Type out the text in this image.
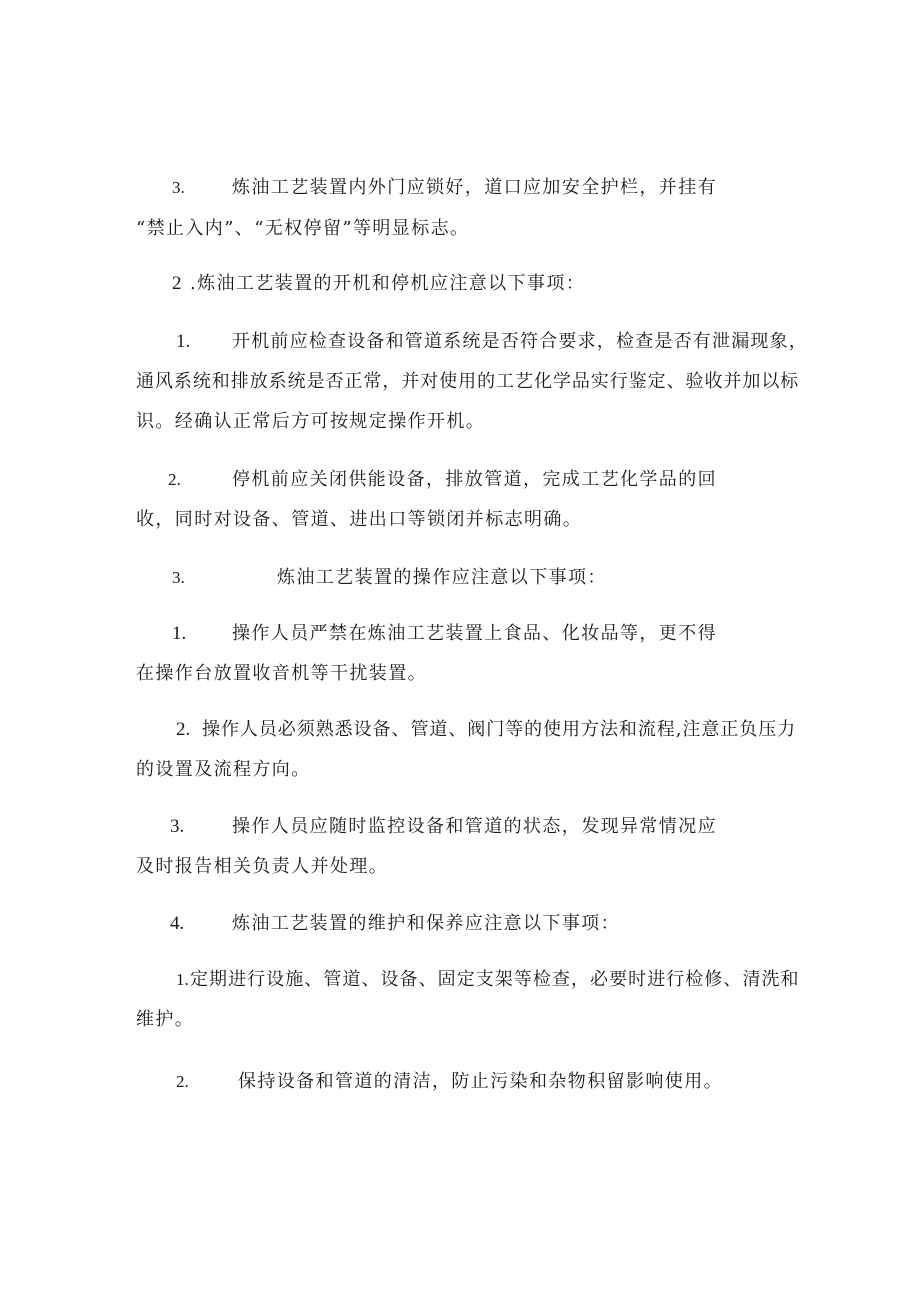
3.	炼油工艺装置内外门应锁好，道口应加安全护栏，并挂有
“禁止入内”、“无权停留”等明显标志。
2 .炼油工艺装置的开机和停机应注意以下事项：
1. 开机前应检查设备和管道系统是否符合要求，检查是否有泄漏现象，
通风系统和排放系统是否正常，并对使用的工艺化学品实行鉴定、验收并加以标
识。经确认正常后方可按规定操作开机。
2.	停机前应关闭供能设备，排放管道，完成工艺化学品的回
收，同时对设备、管道、进出口等锁闭并标志明确。
3.	炼油工艺装置的操作应注意以下事项：
1.	操作人员严禁在炼油工艺装置上食品、化妆品等，更不得
在操作台放置收音机等干扰装置。
2. 操作人员必须熟悉设备、管道、阀门等的使用方法和流程,注意正负压力
的设置及流程方向。
3.	操作人员应随时监控设备和管道的状态，发现异常情况应
及时报告相关负责人并处理。
4.	炼油工艺装置的维护和保养应注意以下事项：
1. 定期进行设施、管道、设备、固定支架等检查，必要时进行检修、清洗和
维护。
2.	保持设备和管道的清洁，防止污染和杂物积留影响使用。
